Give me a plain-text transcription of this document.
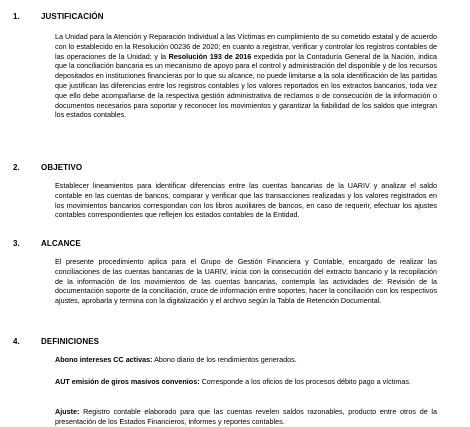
1.	JUSTIFICACIÓN

La Unidad para la Atención y Reparación Individual a las Víctimas en cumplimiento de su cometido estatal y de acuerdo con lo establecido en la Resolución 00236 de 2020; en cuanto a registrar, verificar y controlar los registros contables de las operaciones de la Unidad; y la Resolución 193 de 2016 expedida por la Contaduría General de la Nación, indica que la conciliación bancaria es un mecanismo de apoyo para el control y administración del disponible y de los recursos depositados en instituciones financieras por lo que su alcance, no puede limitarse a la sola identificación de las partidas que justifican las diferencias entre los registros contables y los valores reportados en los extractos bancarios, toda vez que ello debe acompañarse de la respectiva gestión administrativa de reclamos o de consecución de la información o documentos necesarios para soportar y reconocer los movimientos y garantizar la fiabilidad de los saldos que integran los estados contables.

2.	OBJETIVO

Establecer lineamientos para identificar diferencias entre las cuentas bancarias de la UARIV y analizar el saldo contable en las cuentas de bancos, comparar y verificar que las transacciones realizadas y los valores registrados en los movimientos bancarios correspondan con los libros auxiliares de bancos, en caso de requerir, efectuar los ajustes contables correspondientes que reflejen los estados contables de la Entidad.

3.	ALCANCE

El presente procedimiento aplica para el Grupo de Gestión Financiera y Contable, encargado de realizar las conciliaciones de las cuentas bancarias de la UARIV, inicia con la consecución del extracto bancario y la recopilación de la información de los movimientos de las cuentas bancarias, contempla las actividades de: Revisión de la documentación soporte de la conciliación, cruce de información entre soportes, hacer la conciliación con los respectivos ajustes, aprobarla y termina con la digitalización y el archivo según la Tabla de Retención Documental.

4.	DEFINICIONES

Abono intereses CC activas: Abono diario de los rendimientos generados.

AUT emisión de giros masivos convenios: Corresponde a los oficios de los procesos débito pago a víctimas.

Ajuste: Registro contable elaborado para que las cuentas revelen saldos razonables, producto entre otros de la presentación de los Estados Financieros, informes y reportes contables.
